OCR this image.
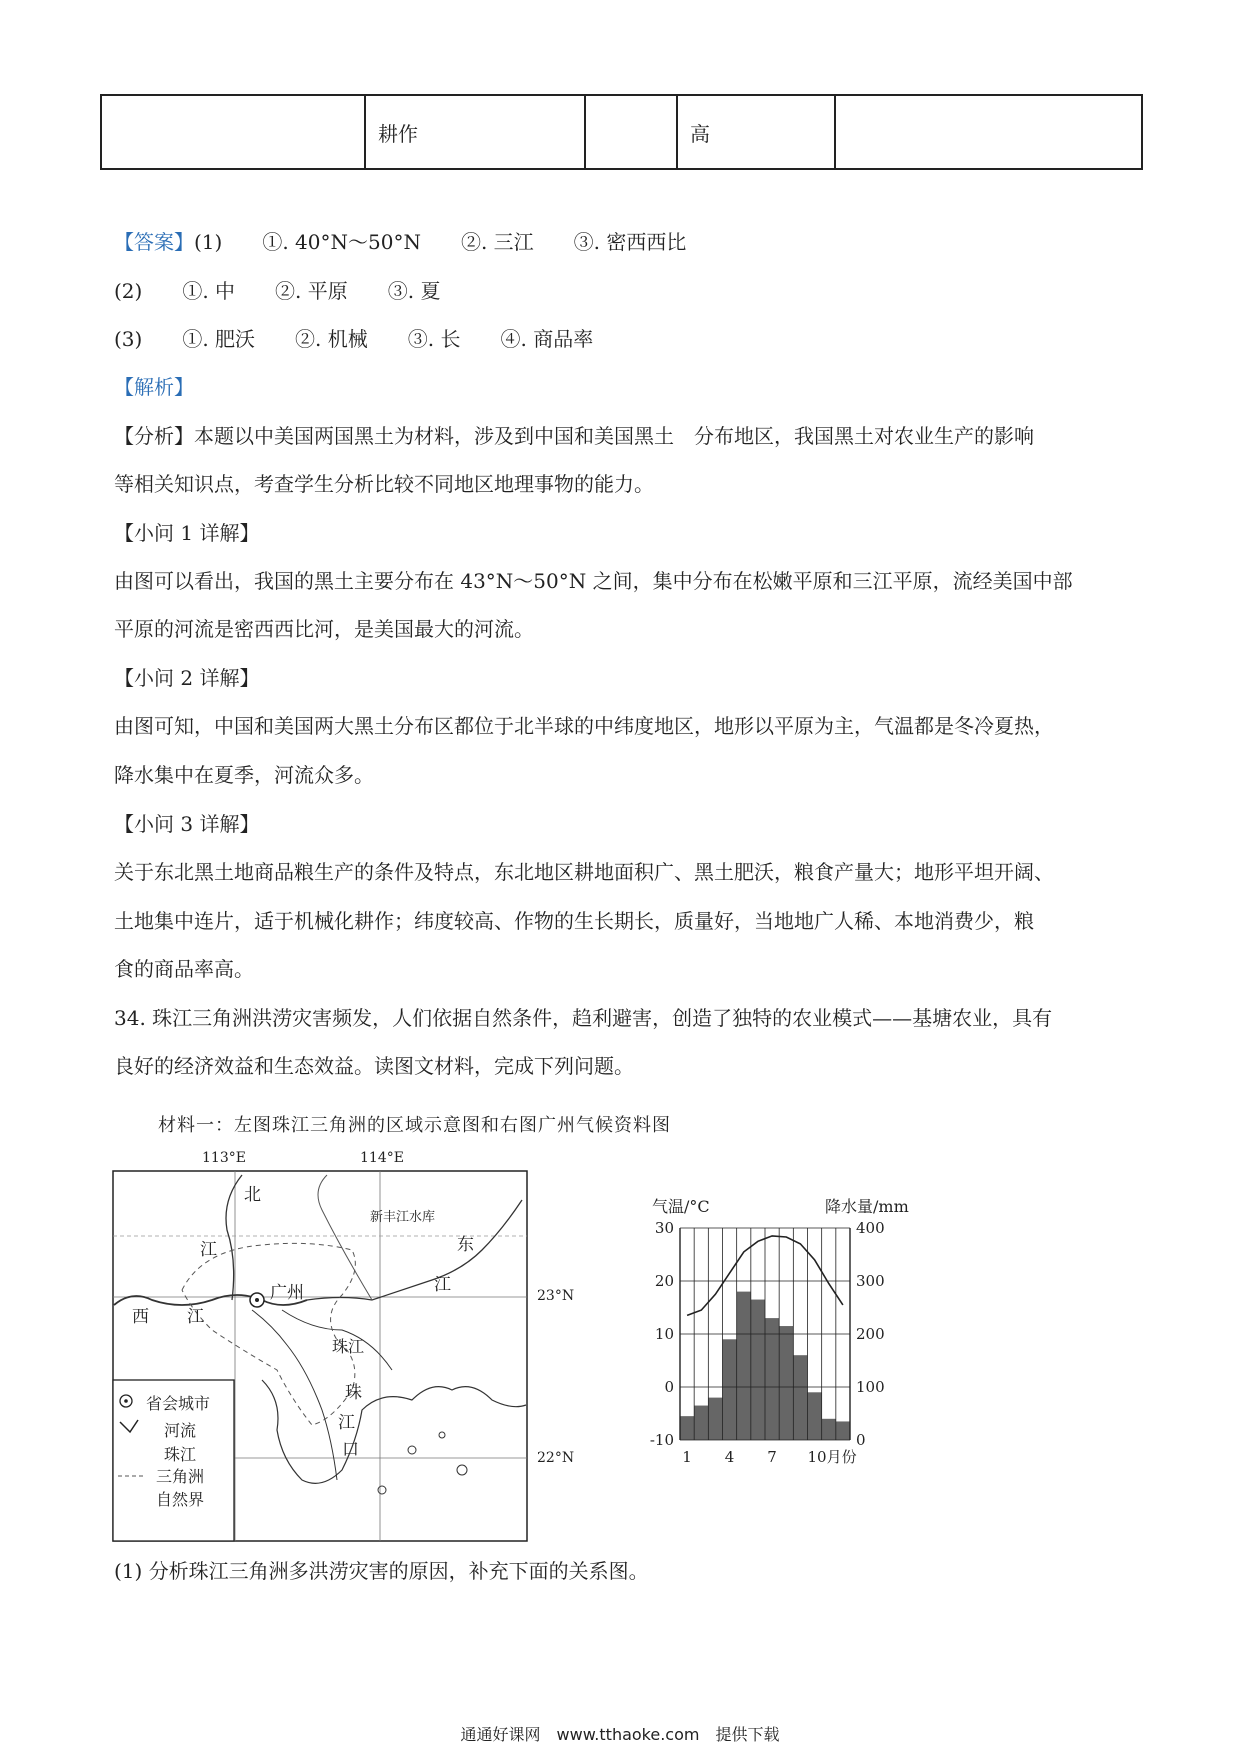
	耕作		高	
【答案】(1)　　①. 40°N～50°N　　②. 三江　　③. 密西西比
(2)　　①. 中　　②. 平原　　③. 夏
(3)　　①. 肥沃　　②. 机械　　③. 长　　④. 商品率
【解析】
【分析】本题以中美国两国黑土为材料，涉及到中国和美国黑土　分布地区，我国黑土对农业生产的影响
等相关知识点，考查学生分析比较不同地区地理事物的能力。
【小问 1 详解】
由图可以看出，我国的黑土主要分布在 43°N～50°N 之间，集中分布在松嫩平原和三江平原，流经美国中部
平原的河流是密西西比河，是美国最大的河流。
【小问 2 详解】
由图可知，中国和美国两大黑土分布区都位于北半球的中纬度地区，地形以平原为主，气温都是冬冷夏热，
降水集中在夏季，河流众多。
【小问 3 详解】
关于东北黑土地商品粮生产的条件及特点，东北地区耕地面积广、黑土肥沃，粮食产量大；地形平坦开阔、
土地集中连片，适于机械化耕作；纬度较高、作物的生长期长，质量好，当地地广人稀、本地消费少，粮
食的商品率高。
34. 珠江三角洲洪涝灾害频发，人们依据自然条件，趋利避害，创造了独特的农业模式——基塘农业，具有
良好的经济效益和生态效益。读图文材料，完成下列问题。
材料一：左图珠江三角洲的区域示意图和右图广州气候资料图
113°E	114°E
23°N
22°N
北
江
新丰江水库
东
江
广州
西 江
珠江
珠
江
口
省会城市
河流
珠江
三角洲
自然界
30
20
10
0
-10
400
300
200
100
0
1 4 7 10月份
气温/°C	降水量/mm
(1) 分析珠江三角洲多洪涝灾害的原因，补充下面的关系图。
通通好课网　www.tthaoke.com　提供下载
